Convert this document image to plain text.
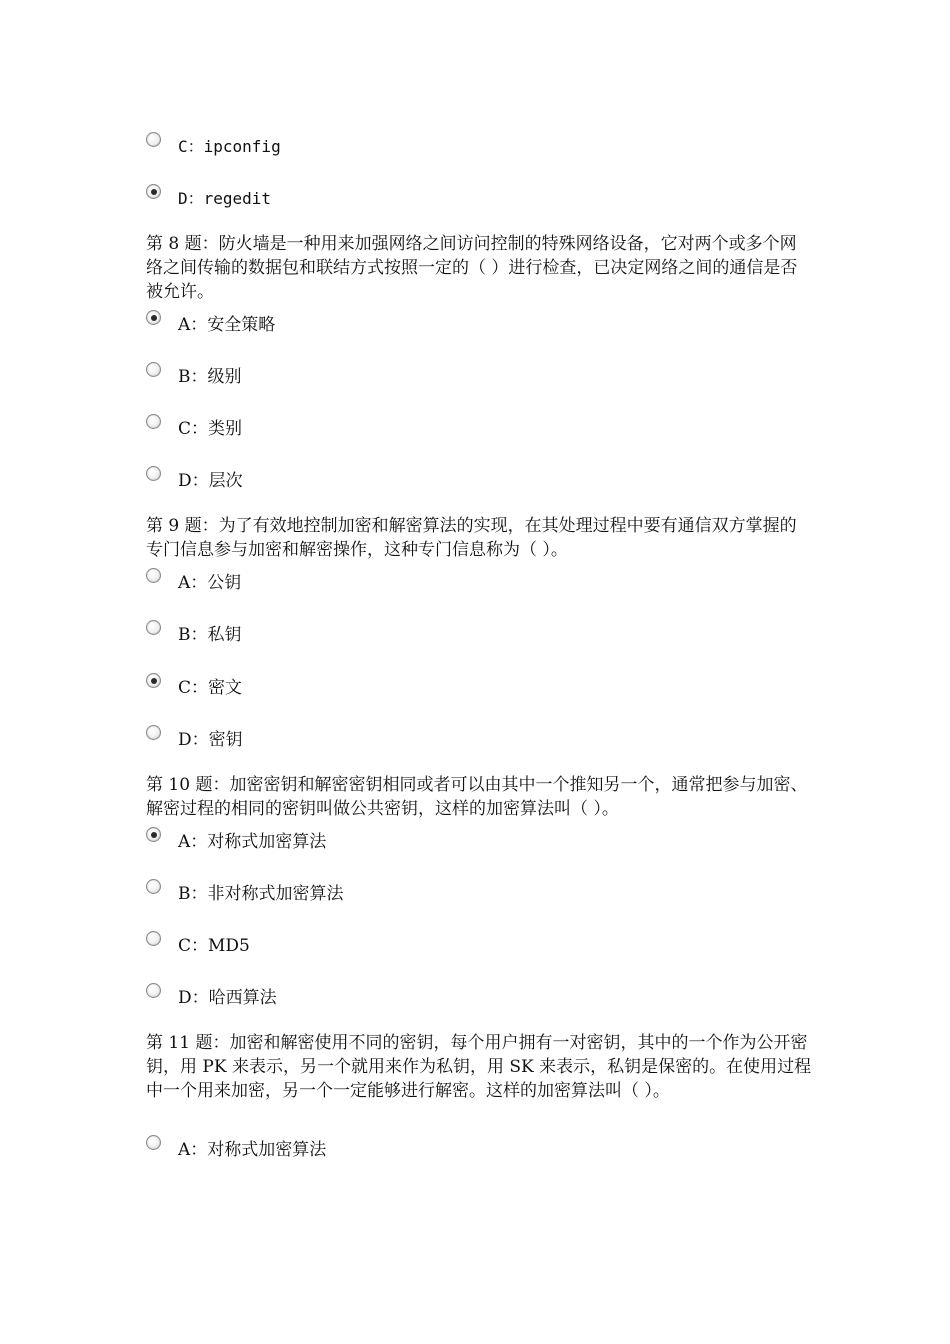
C：ipconfig
D：regedit
第 8 题：防火墙是一种用来加强网络之间访问控制的特殊网络设备，它对两个或多个网络之间传输的数据包和联结方式按照一定的（ ）进行检查，已决定网络之间的通信是否被允许。
A：安全策略
B：级别
C：类别
D：层次
第 9 题：为了有效地控制加密和解密算法的实现，在其处理过程中要有通信双方掌握的专门信息参与加密和解密操作，这种专门信息称为（ ）。
A：公钥
B：私钥
C：密文
D：密钥
第 10 题：加密密钥和解密密钥相同或者可以由其中一个推知另一个，通常把参与加密、解密过程的相同的密钥叫做公共密钥，这样的加密算法叫（ ）。
A：对称式加密算法
B：非对称式加密算法
C：MD5
D：哈西算法
第 11 题：加密和解密使用不同的密钥，每个用户拥有一对密钥，其中的一个作为公开密钥，用 PK 来表示，另一个就用来作为私钥，用 SK 来表示，私钥是保密的。在使用过程中一个用来加密，另一个一定能够进行解密。这样的加密算法叫（ ）。
A：对称式加密算法
